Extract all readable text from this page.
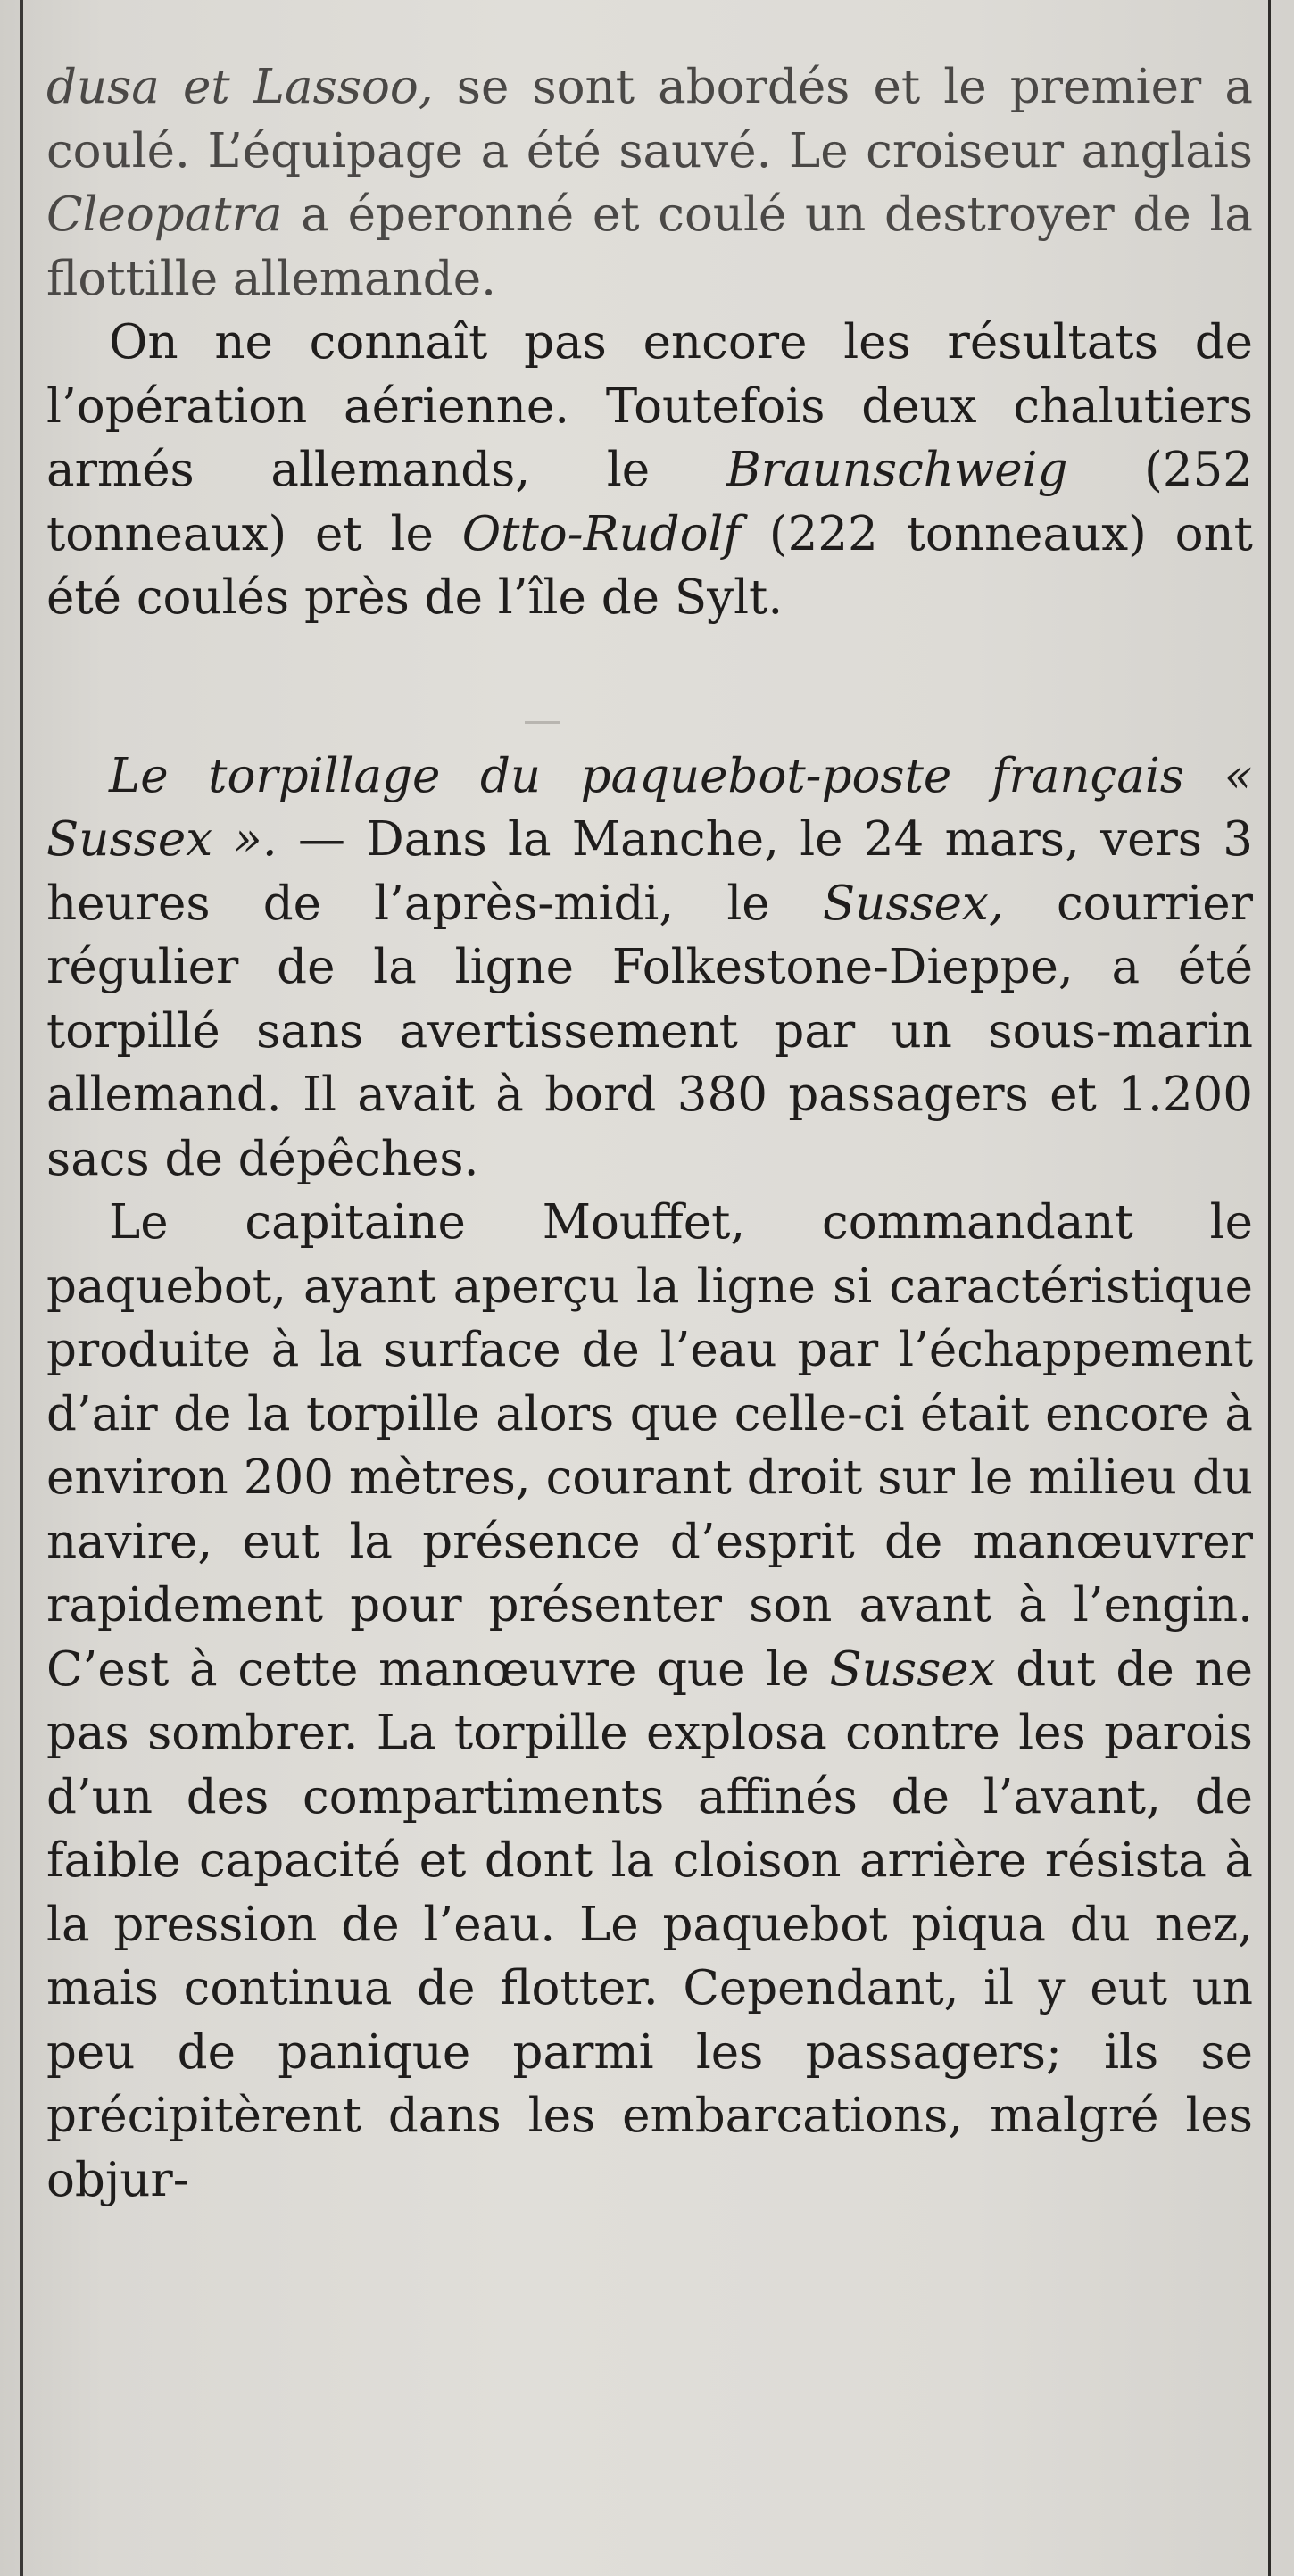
dusa et Lassoo, se sont abordés et le premier a coulé. L’équipage a été sauvé. Le croiseur anglais Cleopatra a éperonné et coulé un destroyer de la flottille allemande.

On ne connaît pas encore les résultats de l’opération aérienne. Toutefois deux chalutiers armés allemands, le Braunschweig (252 tonneaux) et le Otto-Rudolf (222 tonneaux) ont été coulés près de l’île de Sylt.

Le torpillage du paquebot-poste français « Sussex ». — Dans la Manche, le 24 mars, vers 3 heures de l’après-midi, le Sussex, courrier régulier de la ligne Folkestone-Dieppe, a été torpillé sans avertissement par un sous-marin allemand. Il avait à bord 380 passagers et 1.200 sacs de dépêches.

Le capitaine Mouffet, commandant le paquebot, ayant aperçu la ligne si caractéristique produite à la surface de l’eau par l’échappement d’air de la torpille alors que celle-ci était encore à environ 200 mètres, courant droit sur le milieu du navire, eut la présence d’esprit de manœuvrer rapidement pour présenter son avant à l’engin. C’est à cette manœuvre que le Sussex dut de ne pas sombrer. La torpille explosa contre les parois d’un des compartiments affinés de l’avant, de faible capacité et dont la cloison arrière résista à la pression de l’eau. Le paquebot piqua du nez, mais continua de flotter. Cependant, il y eut un peu de panique parmi les passagers; ils se précipitèrent dans les embarcations, malgré les objur-
